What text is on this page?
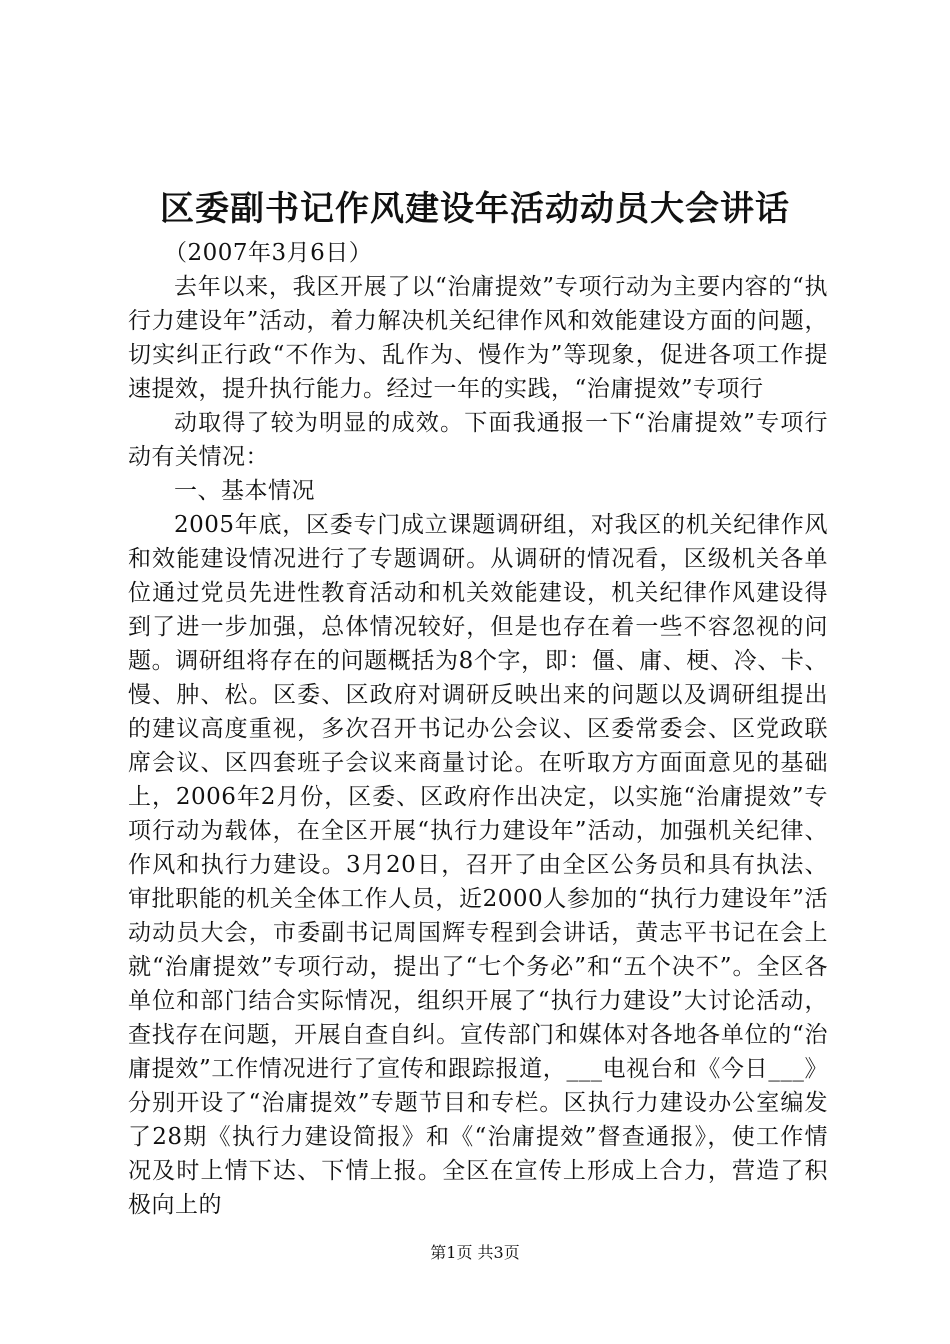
区委副书记作风建设年活动动员大会讲话

（2007年3月6日）

去年以来，我区开展了以“治庸提效”专项行动为主要内容的“执行力建设年”活动，着力解决机关纪律作风和效能建设方面的问题，切实纠正行政“不作为、乱作为、慢作为”等现象，促进各项工作提速提效，提升执行能力。经过一年的实践，“治庸提效”专项行

动取得了较为明显的成效。下面我通报一下“治庸提效”专项行动有关情况：

一、基本情况

2005年底，区委专门成立课题调研组，对我区的机关纪律作风和效能建设情况进行了专题调研。从调研的情况看，区级机关各单位通过党员先进性教育活动和机关效能建设，机关纪律作风建设得到了进一步加强，总体情况较好，但是也存在着一些不容忽视的问题。调研组将存在的问题概括为8个字，即：僵、庸、梗、冷、卡、慢、肿、松。区委、区政府对调研反映出来的问题以及调研组提出的建议高度重视，多次召开书记办公会议、区委常委会、区党政联席会议、区四套班子会议来商量讨论。在听取方方面面意见的基础上，2006年2月份，区委、区政府作出决定，以实施“治庸提效”专项行动为载体，在全区开展“执行力建设年”活动，加强机关纪律、作风和执行力建设。3月20日，召开了由全区公务员和具有执法、审批职能的机关全体工作人员，近2000人参加的“执行力建设年”活动动员大会，市委副书记周国辉专程到会讲话，黄志平书记在会上就“治庸提效”专项行动，提出了“七个务必”和“五个决不”。全区各单位和部门结合实际情况，组织开展了“执行力建设”大讨论活动，查找存在问题，开展自查自纠。宣传部门和媒体对各地各单位的“治庸提效”工作情况进行了宣传和跟踪报道，___电视台和《今日___》分别开设了“治庸提效”专题节目和专栏。区执行力建设办公室编发了28期《执行力建设简报》和《“治庸提效”督查通报》，使工作情况及时上情下达、下情上报。全区在宣传上形成上合力，营造了积极向上的

第1页 共3页
